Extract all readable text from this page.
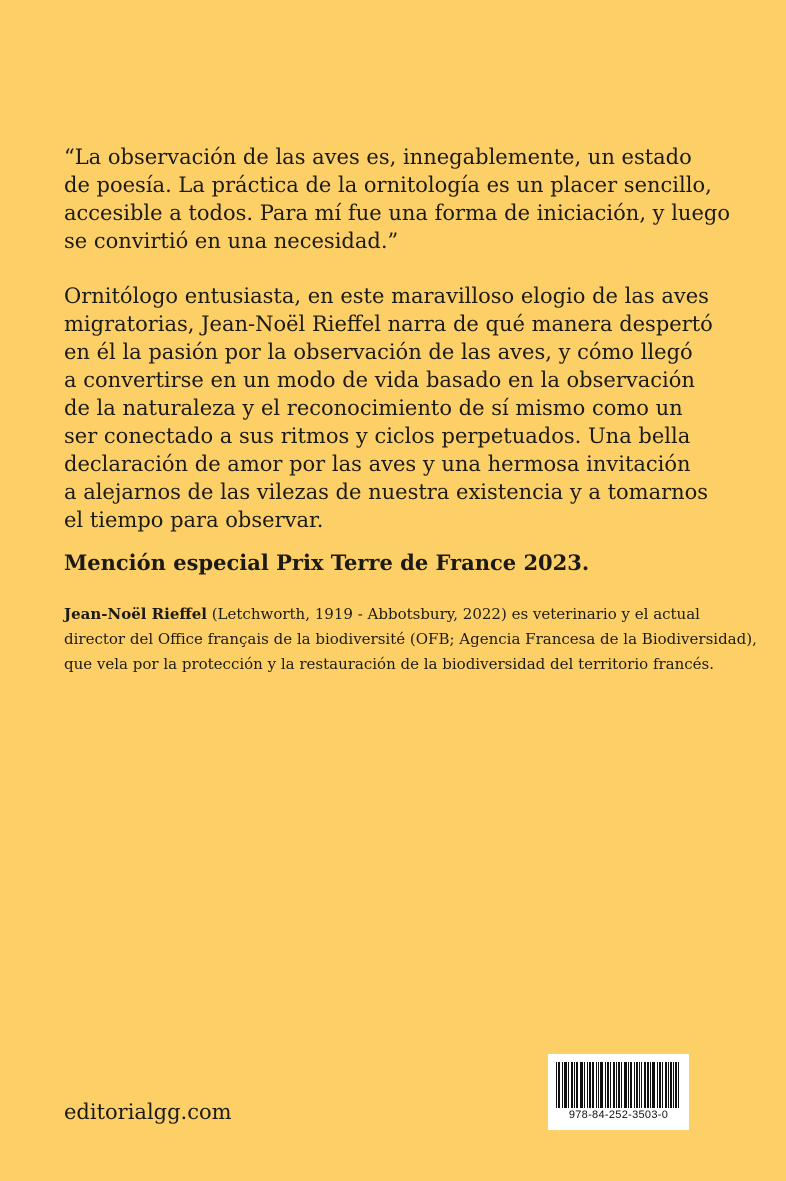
“La observación de las aves es, innegablemente, un estado
de poesía. La práctica de la ornitología es un placer sencillo,
accesible a todos. Para mí fue una forma de iniciación, y luego
se convirtió en una necesidad.”
Ornitólogo entusiasta, en este maravilloso elogio de las aves
migratorias, Jean-Noël Rieffel narra de qué manera despertó
en él la pasión por la observación de las aves, y cómo llegó
a convertirse en un modo de vida basado en la observación
de la naturaleza y el reconocimiento de sí mismo como un
ser conectado a sus ritmos y ciclos perpetuados. Una bella
declaración de amor por las aves y una hermosa invitación
a alejarnos de las vilezas de nuestra existencia y a tomarnos
el tiempo para observar.
Mención especial Prix Terre de France 2023.
Jean-Noël Rieffel (Letchworth, 1919 - Abbotsbury, 2022) es veterinario y el actual
director del Office français de la biodiversité (OFB; Agencia Francesa de la Biodiversidad),
que vela por la protección y la restauración de la biodiversidad del territorio francés.
editorialgg.com	978-84-252-3503-0
